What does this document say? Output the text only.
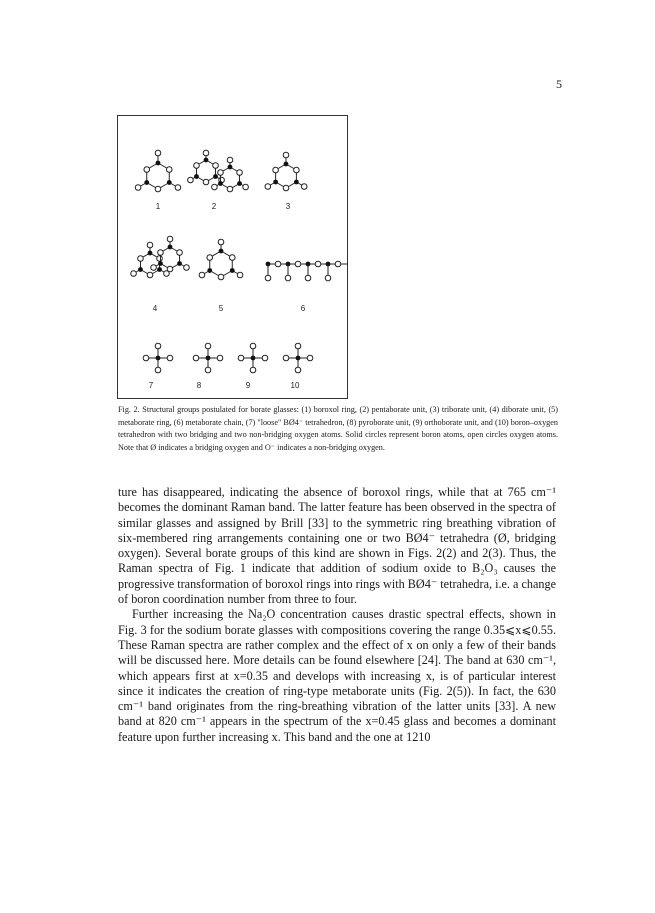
5
1	2	3
4	5	6
7	8	9	10
Fig. 2. Structural groups postulated for borate glasses: (1) boroxol ring, (2) pentaborate unit, (3) triborate unit, (4) diborate unit, (5) metaborate ring, (6) metaborate chain, (7) "loose" BØ4⁻ tetrahedron, (8) pyroborate unit, (9) orthoborate unit, and (10) boron–oxygen tetrahedron with two bridging and two non-bridging oxygen atoms. Solid circles represent boron atoms, open circles oxygen atoms. Note that Ø indicates a bridging oxygen and O⁻ indicates a non-bridging oxygen.

ture has disappeared, indicating the absence of boroxol rings, while that at 765 cm⁻¹ becomes the dominant Raman band. The latter feature has been observed in the spectra of similar glasses and assigned by Brill [33] to the symmetric ring breathing vibration of six-membered ring arrangements containing one or two BØ4⁻ tetrahedra (Ø, bridging oxygen). Several borate groups of this kind are shown in Figs. 2(2) and 2(3). Thus, the Raman spectra of Fig. 1 indicate that addition of sodium oxide to B₂O₃ causes the progressive transformation of boroxol rings into rings with BØ4⁻ tetrahedra, i.e. a change of boron coordination number from three to four.

Further increasing the Na₂O concentration causes drastic spectral effects, shown in Fig. 3 for the sodium borate glasses with compositions covering the range 0.35⩽x⩽0.55. These Raman spectra are rather complex and the effect of x on only a few of their bands will be discussed here. More details can be found elsewhere [24]. The band at 630 cm⁻¹, which appears first at x=0.35 and develops with increasing x, is of particular interest since it indicates the creation of ring-type metaborate units (Fig. 2(5)). In fact, the 630 cm⁻¹ band originates from the ring-breathing vibration of the latter units [33]. A new band at 820 cm⁻¹ appears in the spectrum of the x=0.45 glass and becomes a dominant feature upon further increasing x. This band and the one at 1210
